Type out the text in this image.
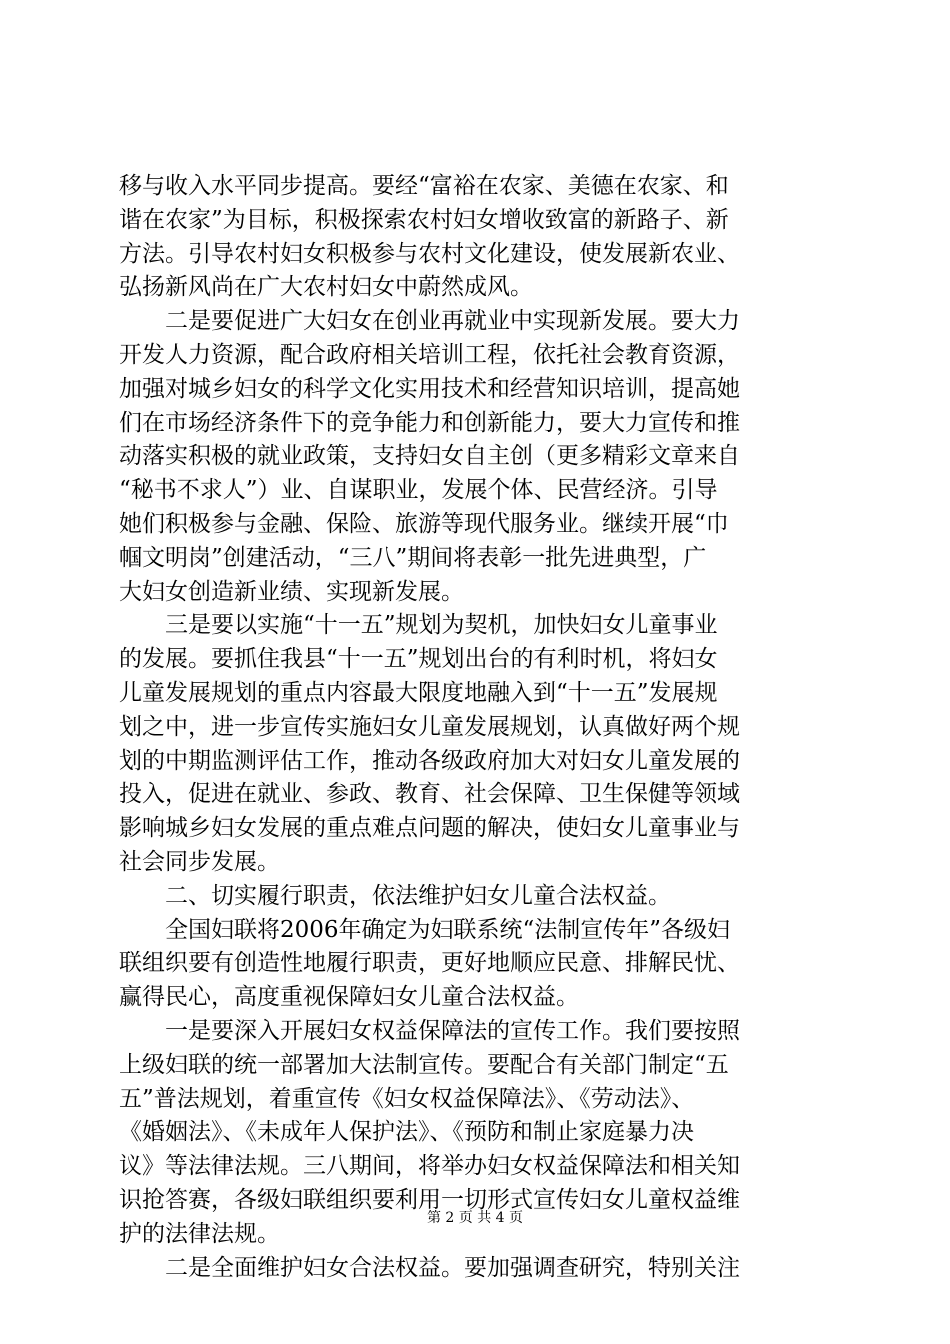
移与收入水平同步提高。要经“富裕在农家、美德在农家、和
谐在农家”为目标，积极探索农村妇女增收致富的新路子、新
方法。引导农村妇女积极参与农村文化建设，使发展新农业、
弘扬新风尚在广大农村妇女中蔚然成风。
　　二是要促进广大妇女在创业再就业中实现新发展。要大力
开发人力资源，配合政府相关培训工程，依托社会教育资源，
加强对城乡妇女的科学文化实用技术和经营知识培训，提高她
们在市场经济条件下的竞争能力和创新能力，要大力宣传和推
动落实积极的就业政策，支持妇女自主创（更多精彩文章来自
“秘书不求人”）业、自谋职业，发展个体、民营经济。引导
她们积极参与金融、保险、旅游等现代服务业。继续开展“巾
帼文明岗”创建活动，“三八”期间将表彰一批先进典型，广
大妇女创造新业绩、实现新发展。
　　三是要以实施“十一五”规划为契机，加快妇女儿童事业
的发展。要抓住我县“十一五”规划出台的有利时机，将妇女
儿童发展规划的重点内容最大限度地融入到“十一五”发展规
划之中，进一步宣传实施妇女儿童发展规划，认真做好两个规
划的中期监测评估工作，推动各级政府加大对妇女儿童发展的
投入，促进在就业、参政、教育、社会保障、卫生保健等领域
影响城乡妇女发展的重点难点问题的解决，使妇女儿童事业与
社会同步发展。
　　二、切实履行职责，依法维护妇女儿童合法权益。
　　全国妇联将2006年确定为妇联系统“法制宣传年”各级妇
联组织要有创造性地履行职责，更好地顺应民意、排解民忧、
赢得民心，高度重视保障妇女儿童合法权益。
　　一是要深入开展妇女权益保障法的宣传工作。我们要按照
上级妇联的统一部署加大法制宣传。要配合有关部门制定“五
五”普法规划，着重宣传《妇女权益保障法》、《劳动法》、
《婚姻法》、《未成年人保护法》、《预防和制止家庭暴力决
议》等法律法规。三八期间，将举办妇女权益保障法和相关知
识抢答赛，各级妇联组织要利用一切形式宣传妇女儿童权益维
护的法律法规。
　　二是全面维护妇女合法权益。要加强调查研究，特别关注
第 2 页 共 4 页
